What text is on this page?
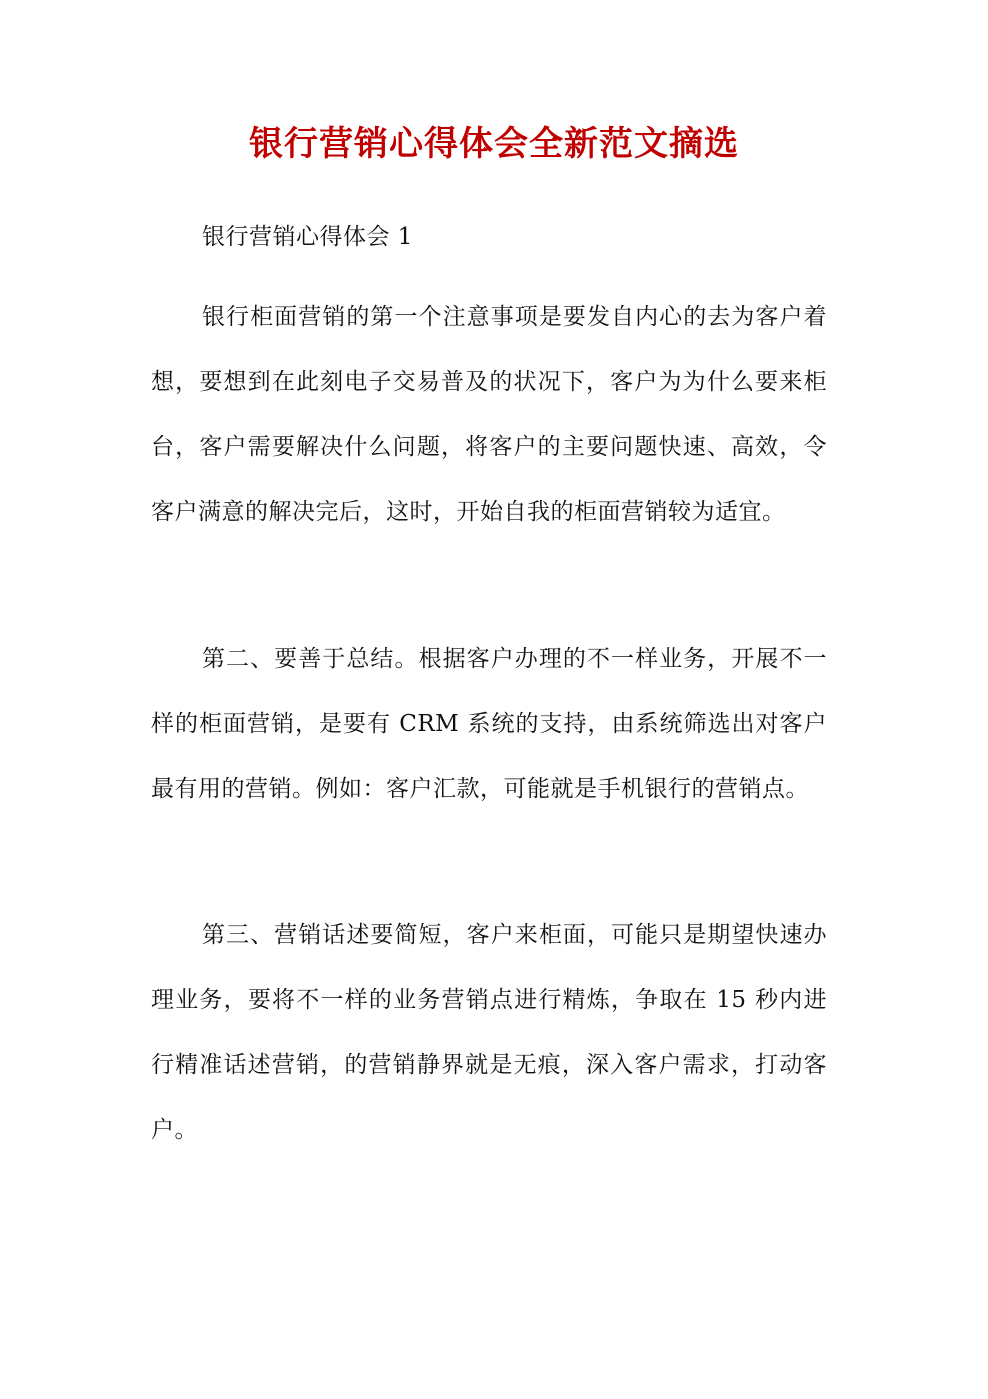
银行营销心得体会全新范文摘选

银行营销心得体会 1

银行柜面营销的第一个注意事项是要发自内心的去为客户着想，要想到在此刻电子交易普及的状况下，客户为为什么要来柜台，客户需要解决什么问题，将客户的主要问题快速、高效，令客户满意的解决完后，这时，开始自我的柜面营销较为适宜。

第二、要善于总结。根据客户办理的不一样业务，开展不一样的柜面营销，是要有 CRM 系统的支持，由系统筛选出对客户最有用的营销。例如：客户汇款，可能就是手机银行的营销点。

第三、营销话述要简短，客户来柜面，可能只是期望快速办理业务，要将不一样的业务营销点进行精炼，争取在 15 秒内进行精准话述营销，的营销静界就是无痕，深入客户需求，打动客户。
